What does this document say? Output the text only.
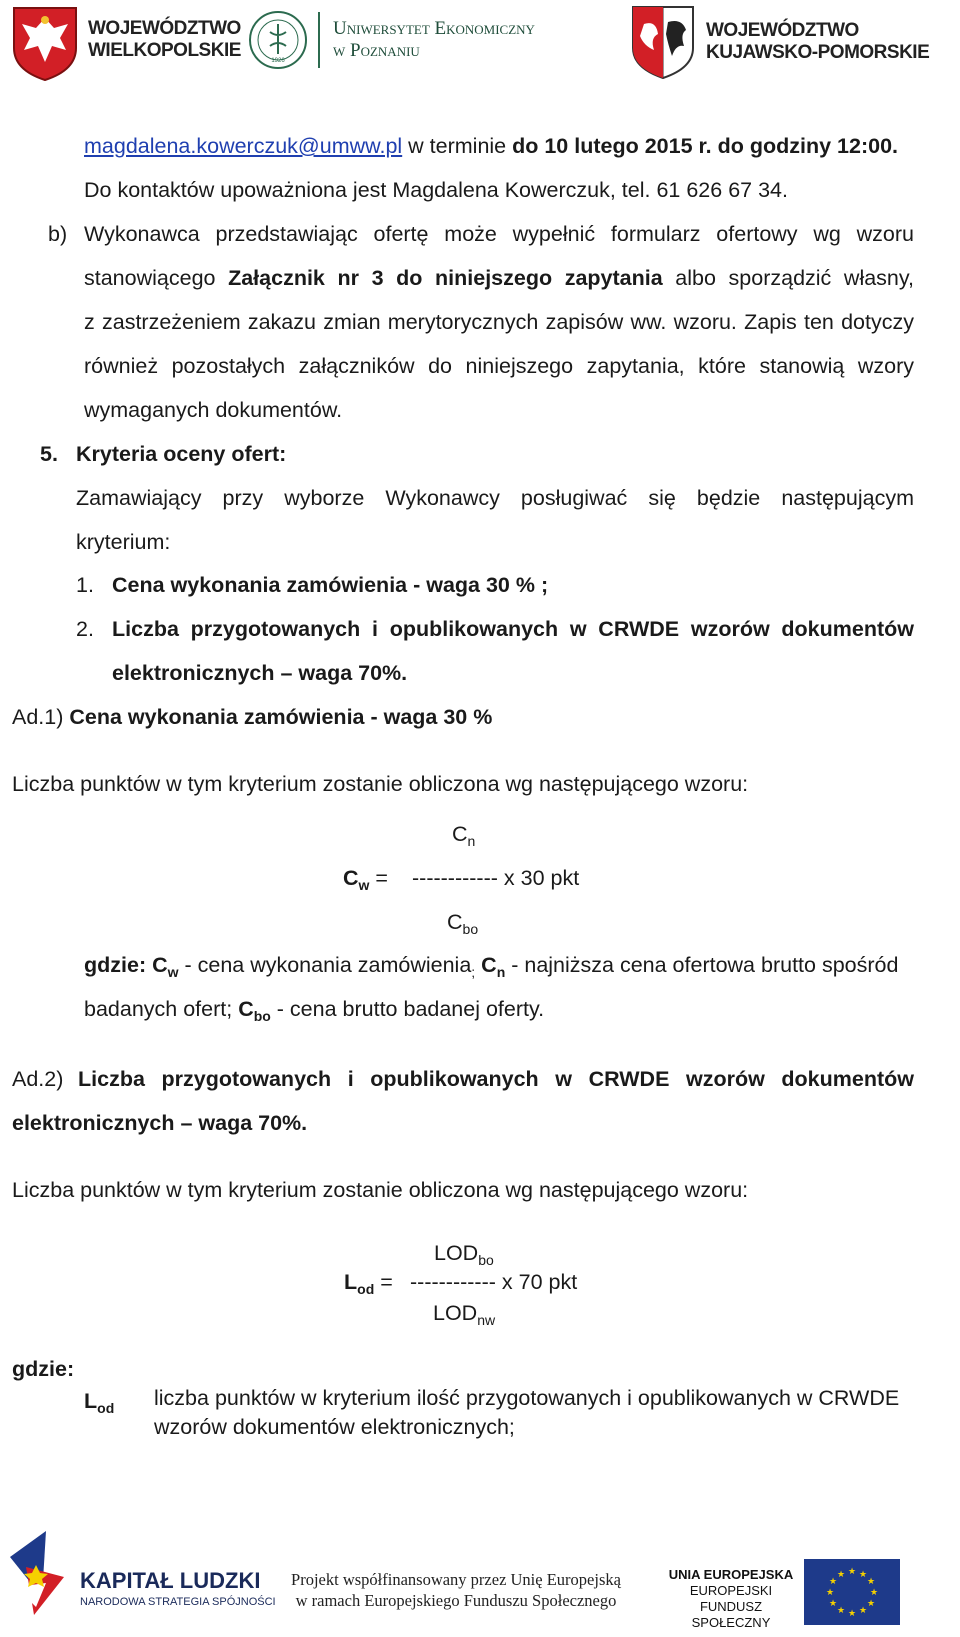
WOJEWÓDZTWO
WIELKOPOLSKIE	1926
Uniwersytet Ekonomiczny
w Poznaniu
WOJEWÓDZTWO
KUJAWSKO-POMORSKIE
magdalena.kowerczuk@umww.pl w terminie do 10 lutego 2015 r. do godziny 12:00.
Do kontaktów upoważniona jest Magdalena Kowerczuk, tel. 61 626 67 34.
b) Wykonawca przedstawiając ofertę może wypełnić formularz ofertowy wg wzoru
stanowiącego Załącznik nr 3 do niniejszego zapytania albo sporządzić własny,
z zastrzeżeniem zakazu zmian merytorycznych zapisów ww. wzoru. Zapis ten dotyczy
również pozostałych załączników do niniejszego zapytania, które stanowią wzory
wymaganych dokumentów.
5. Kryteria oceny ofert:
Zamawiający przy wyborze Wykonawcy posługiwać się będzie następującym
kryterium:
1. Cena wykonania zamówienia - waga 30 % ;
2. Liczba przygotowanych i opublikowanych w CRWDE wzorów dokumentów
elektronicznych – waga 70%.
Ad.1) Cena wykonania zamówienia - waga 30 %
Liczba punktów w tym kryterium zostanie obliczona wg następującego wzoru:
$C_n$
$C_w$ = ------------ x 30 pkt
$C_{bo}$
gdzie: $C_w$ - cena wykonania zamówienia$_;$ $C_n$ - najniższa cena ofertowa brutto spośród
badanych ofert; $C_{bo}$ - cena brutto badanej oferty.
Ad.2) Liczba przygotowanych i opublikowanych w CRWDE wzorów dokumentów
elektronicznych – waga 70%.
Liczba punktów w tym kryterium zostanie obliczona wg następującego wzoru:
$LOD_{bo}$
$L_{od}$ = ------------ x 70 pkt
$LOD_{nw}$
gdzie:
$L_{od}$ liczba punktów w kryterium ilość przygotowanych i opublikowanych w CRWDE
wzorów dokumentów elektronicznych;
KAPITAŁ LUDZKI
NARODOWA STRATEGIA SPÓJNOŚCI
Projekt współfinansowany przez Unię Europejską
w ramach Europejskiego Funduszu Społecznego
UNIA EUROPEJSKA
EUROPEJSKI
FUNDUSZ SPOŁECZNY
★ ★
★
★
★
★
★
★
★
★
★
★
